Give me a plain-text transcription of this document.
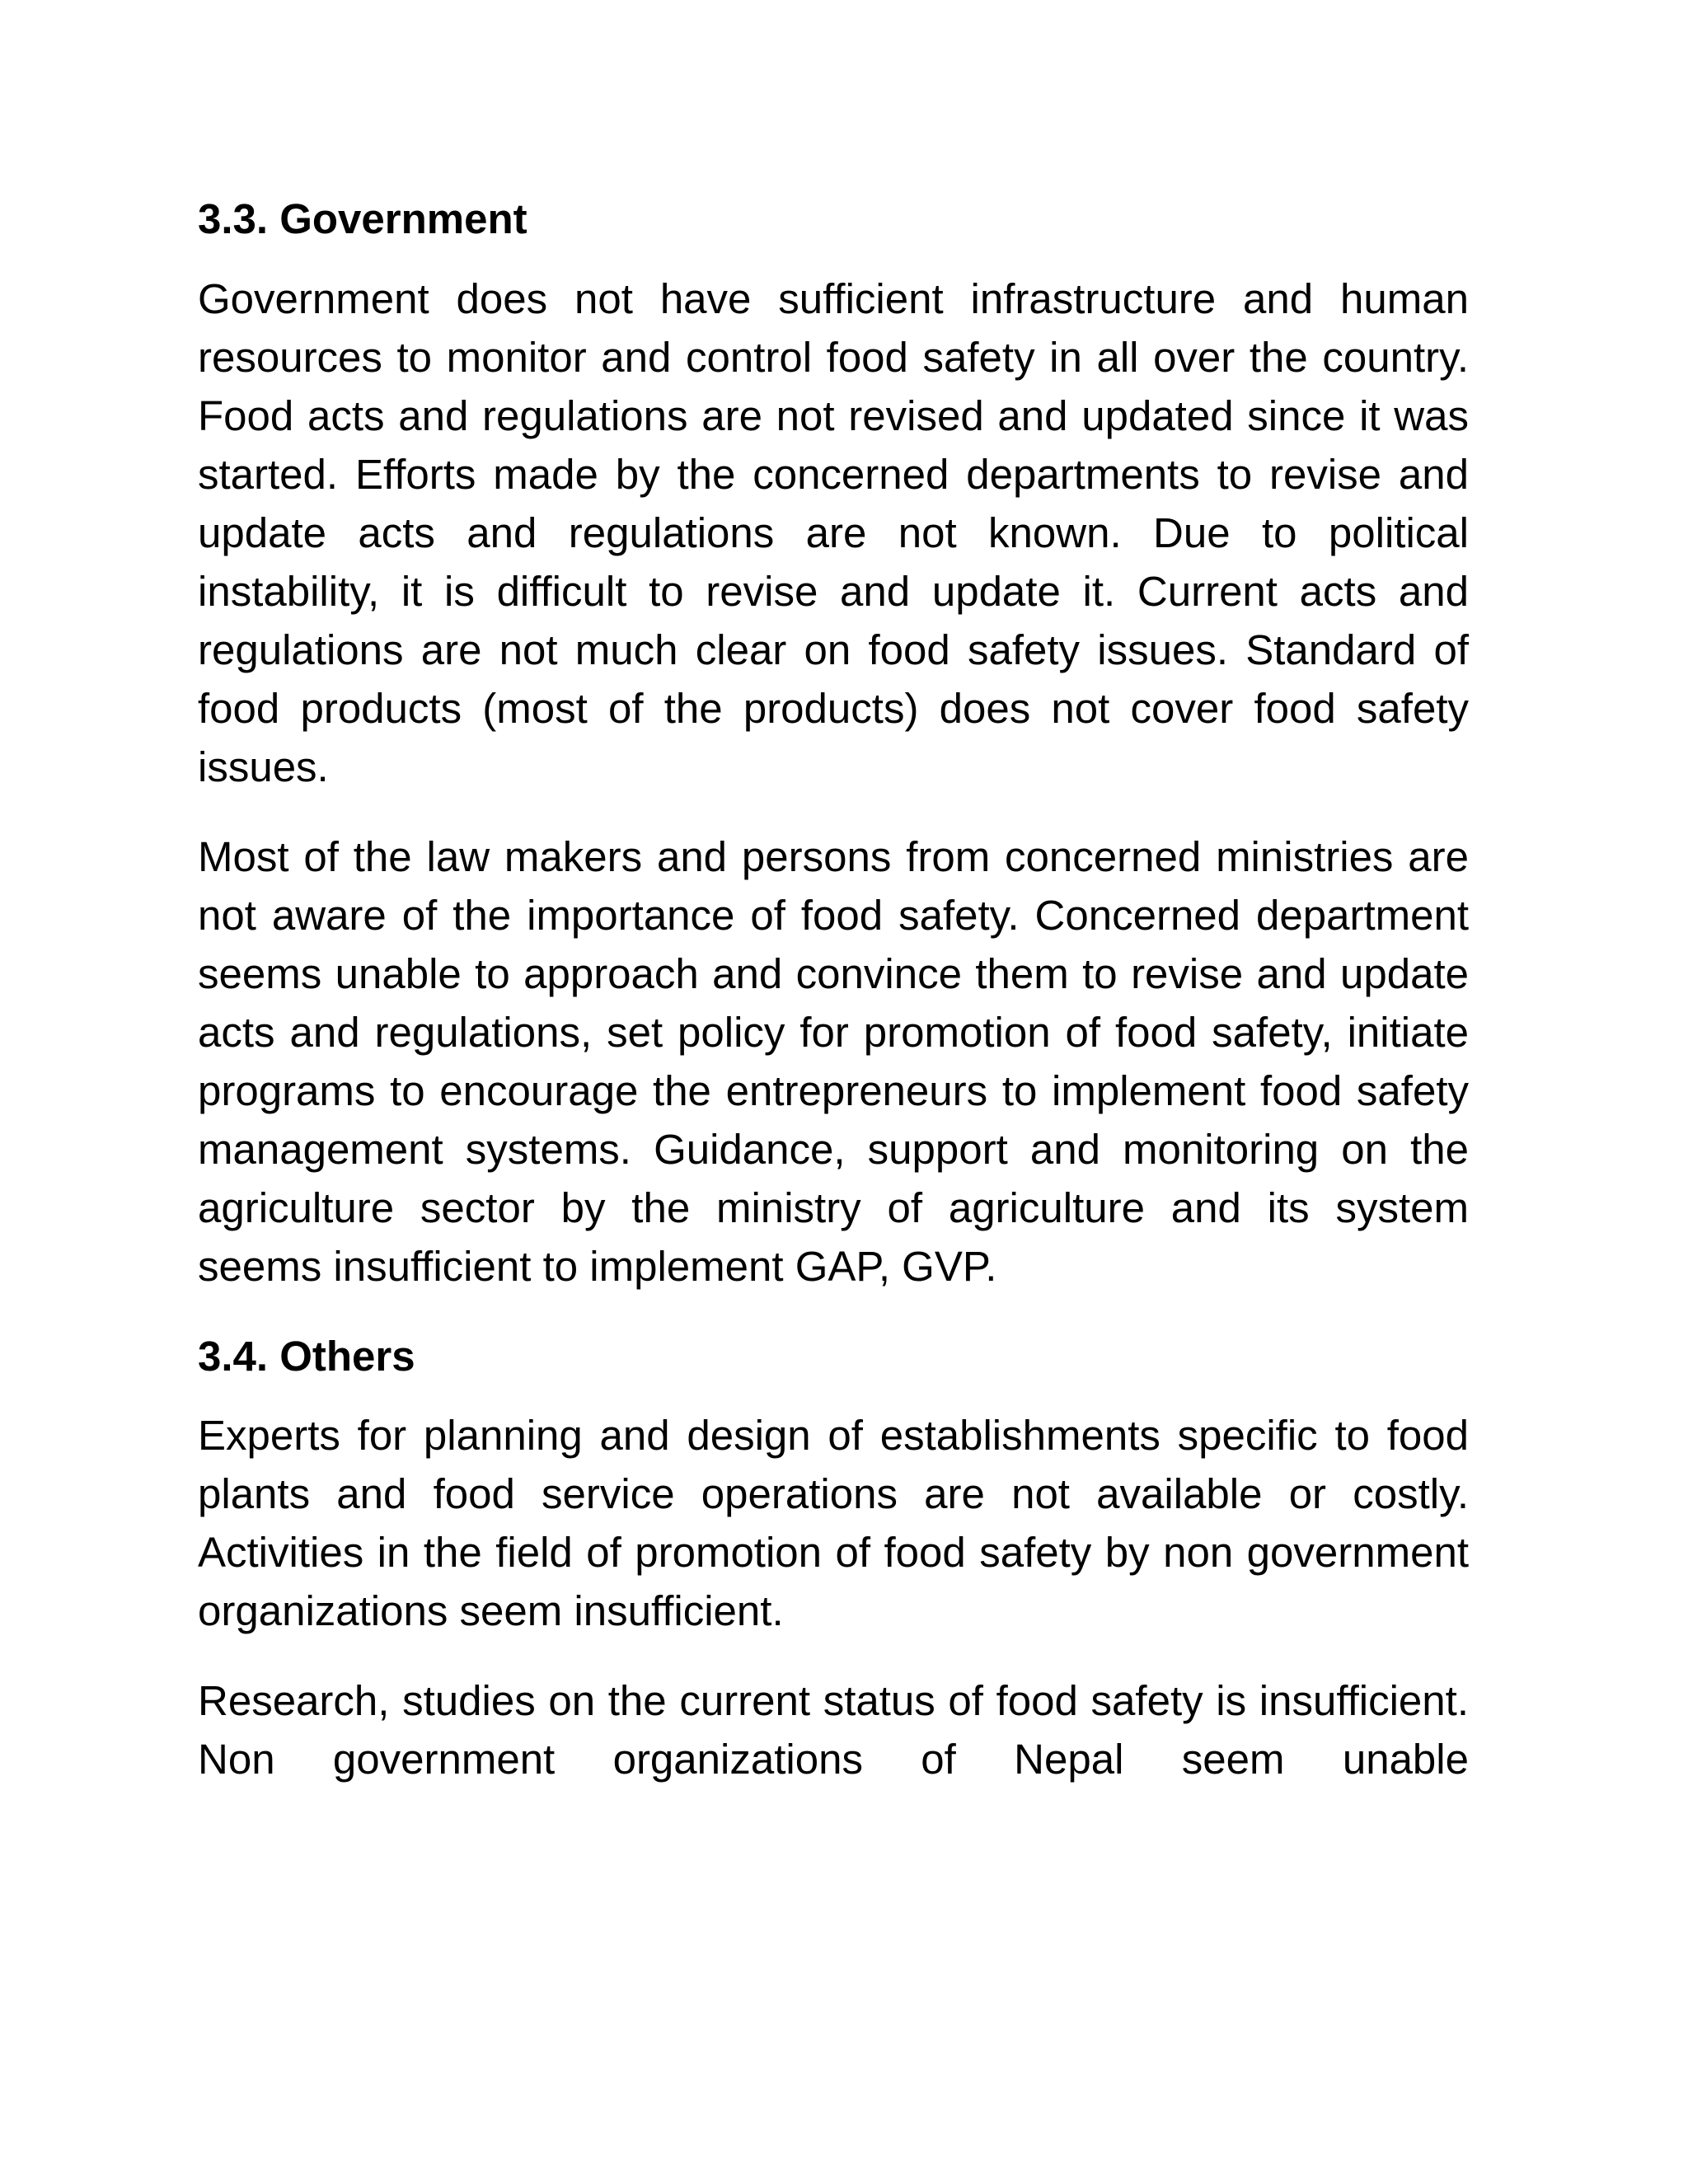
3.3. Government

Government does not have sufficient infrastructure and human resources to monitor and control food safety in all over the country. Food acts and regulations are not revised and updated since it was started. Efforts made by the concerned departments to revise and update acts and regulations are not known. Due to political instability, it is difficult to revise and update it. Current acts and regulations are not much clear on food safety issues. Standard of food products (most of the products) does not cover food safety issues.

Most of the law makers and persons from concerned ministries are not aware of the importance of food safety. Concerned department seems unable to approach and convince them to revise and update acts and regulations, set policy for promotion of food safety, initiate programs to encourage the entrepreneurs to implement food safety management systems. Guidance, support and monitoring on the agriculture sector by the ministry of agriculture and its system seems insufficient to implement GAP, GVP.

3.4. Others

Experts for planning and design of establishments specific to food plants and food service operations are not available or costly. Activities in the field of promotion of food safety by non government organizations seem insufficient.

Research, studies on the current status of food safety is insufficient. Non government organizations of Nepal seem unable
